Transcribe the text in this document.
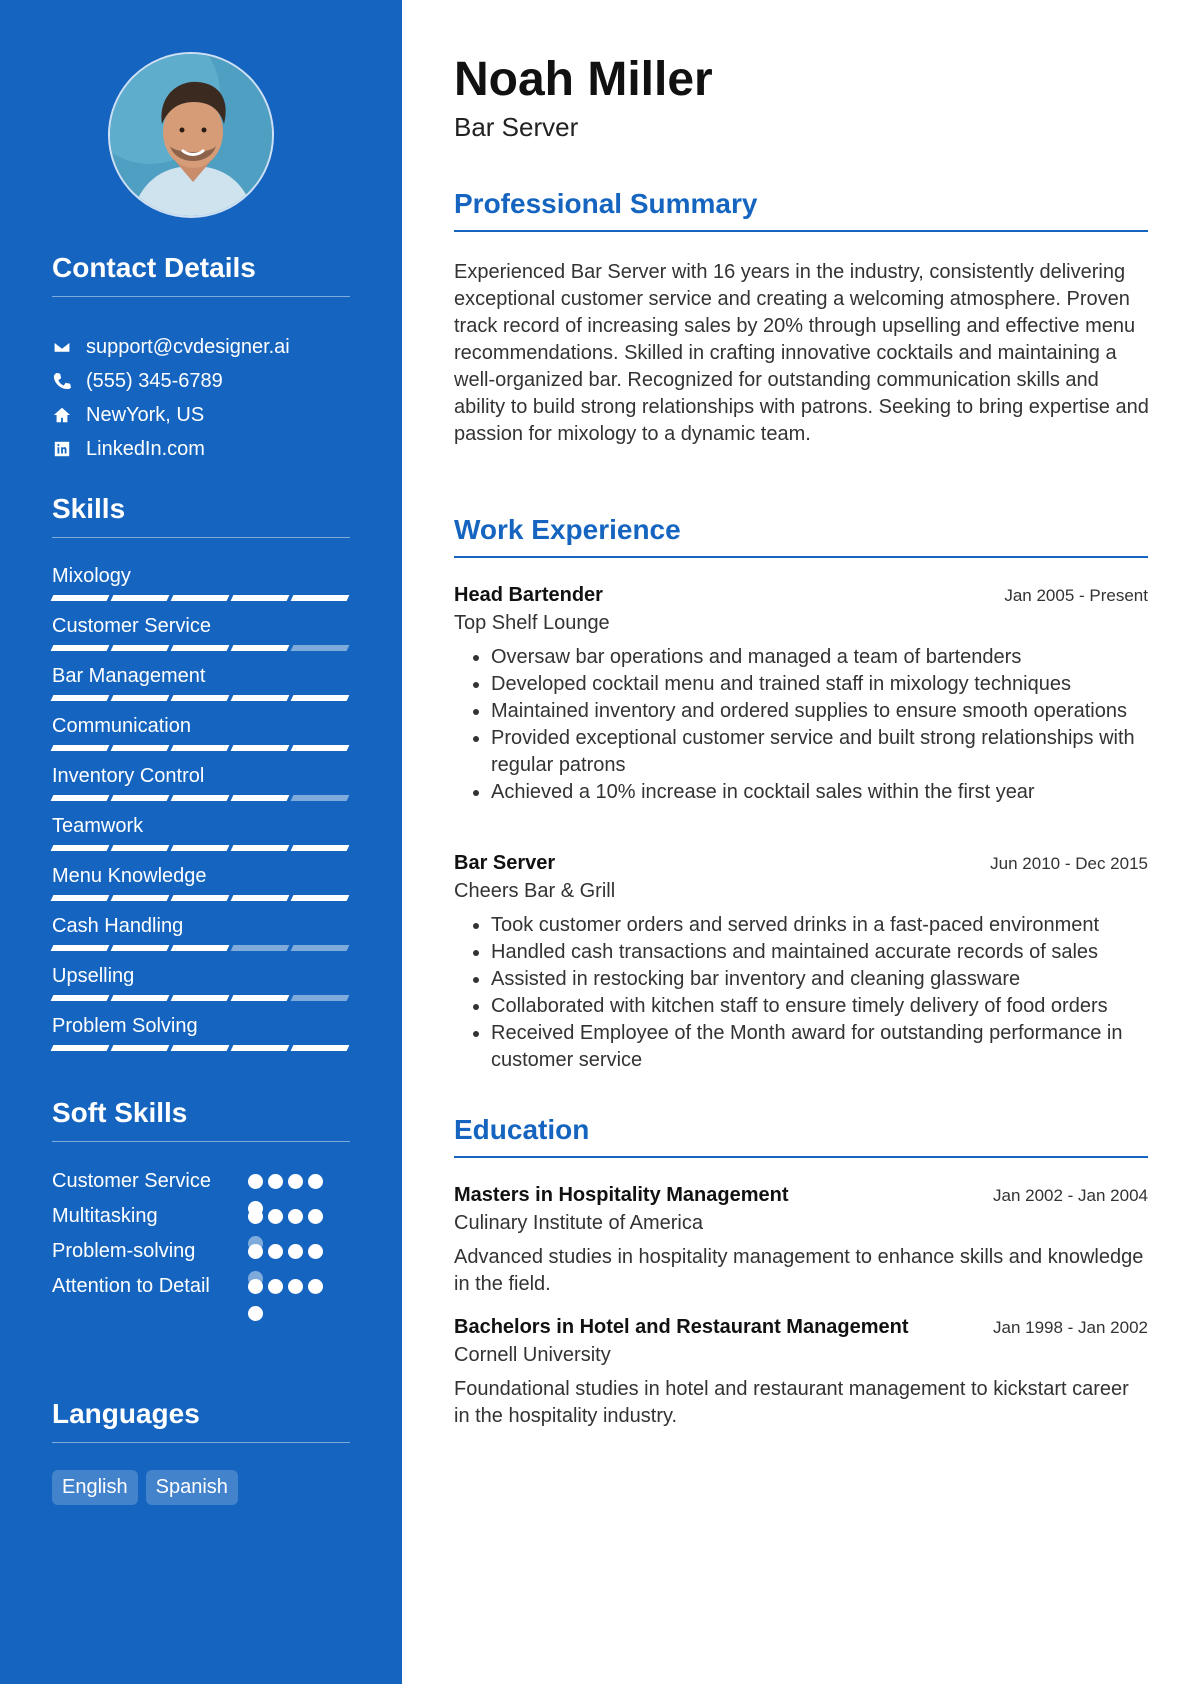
Contact Details
support@cvdesigner.ai
(555) 345-6789
NewYork, US
LinkedIn.com
Skills
Mixology
Customer Service
Bar Management
Communication
Inventory Control
Teamwork
Menu Knowledge
Cash Handling
Upselling
Problem Solving
Soft Skills
Customer Service
Multitasking
Problem-solving
Attention to Detail
Languages
English	Spanish
Noah Miller
Bar Server
Professional Summary

Experienced Bar Server with 16 years in the industry, consistently delivering exceptional customer service and creating a welcoming atmosphere. Proven track record of increasing sales by 20% through upselling and effective menu recommendations. Skilled in crafting innovative cocktails and maintaining a well-organized bar. Recognized for outstanding communication skills and ability to build strong relationships with patrons. Seeking to bring expertise and passion for mixology to a dynamic team.

Work Experience
Head Bartender	Jan 2005 - Present
Top Shelf Lounge
• Oversaw bar operations and managed a team of bartenders
• Developed cocktail menu and trained staff in mixology techniques
• Maintained inventory and ordered supplies to ensure smooth operations
• Provided exceptional customer service and built strong relationships with regular patrons
• Achieved a 10% increase in cocktail sales within the first year
Bar Server	Jun 2010 - Dec 2015
Cheers Bar & Grill
• Took customer orders and served drinks in a fast-paced environment
• Handled cash transactions and maintained accurate records of sales
• Assisted in restocking bar inventory and cleaning glassware
• Collaborated with kitchen staff to ensure timely delivery of food orders
• Received Employee of the Month award for outstanding performance in customer service
Education
Masters in Hospitality Management	Jan 2002 - Jan 2004
Culinary Institute of America

Advanced studies in hospitality management to enhance skills and knowledge in the field.

Bachelors in Hotel and Restaurant Management	Jan 1998 - Jan 2002
Cornell University

Foundational studies in hotel and restaurant management to kickstart career in the hospitality industry.
